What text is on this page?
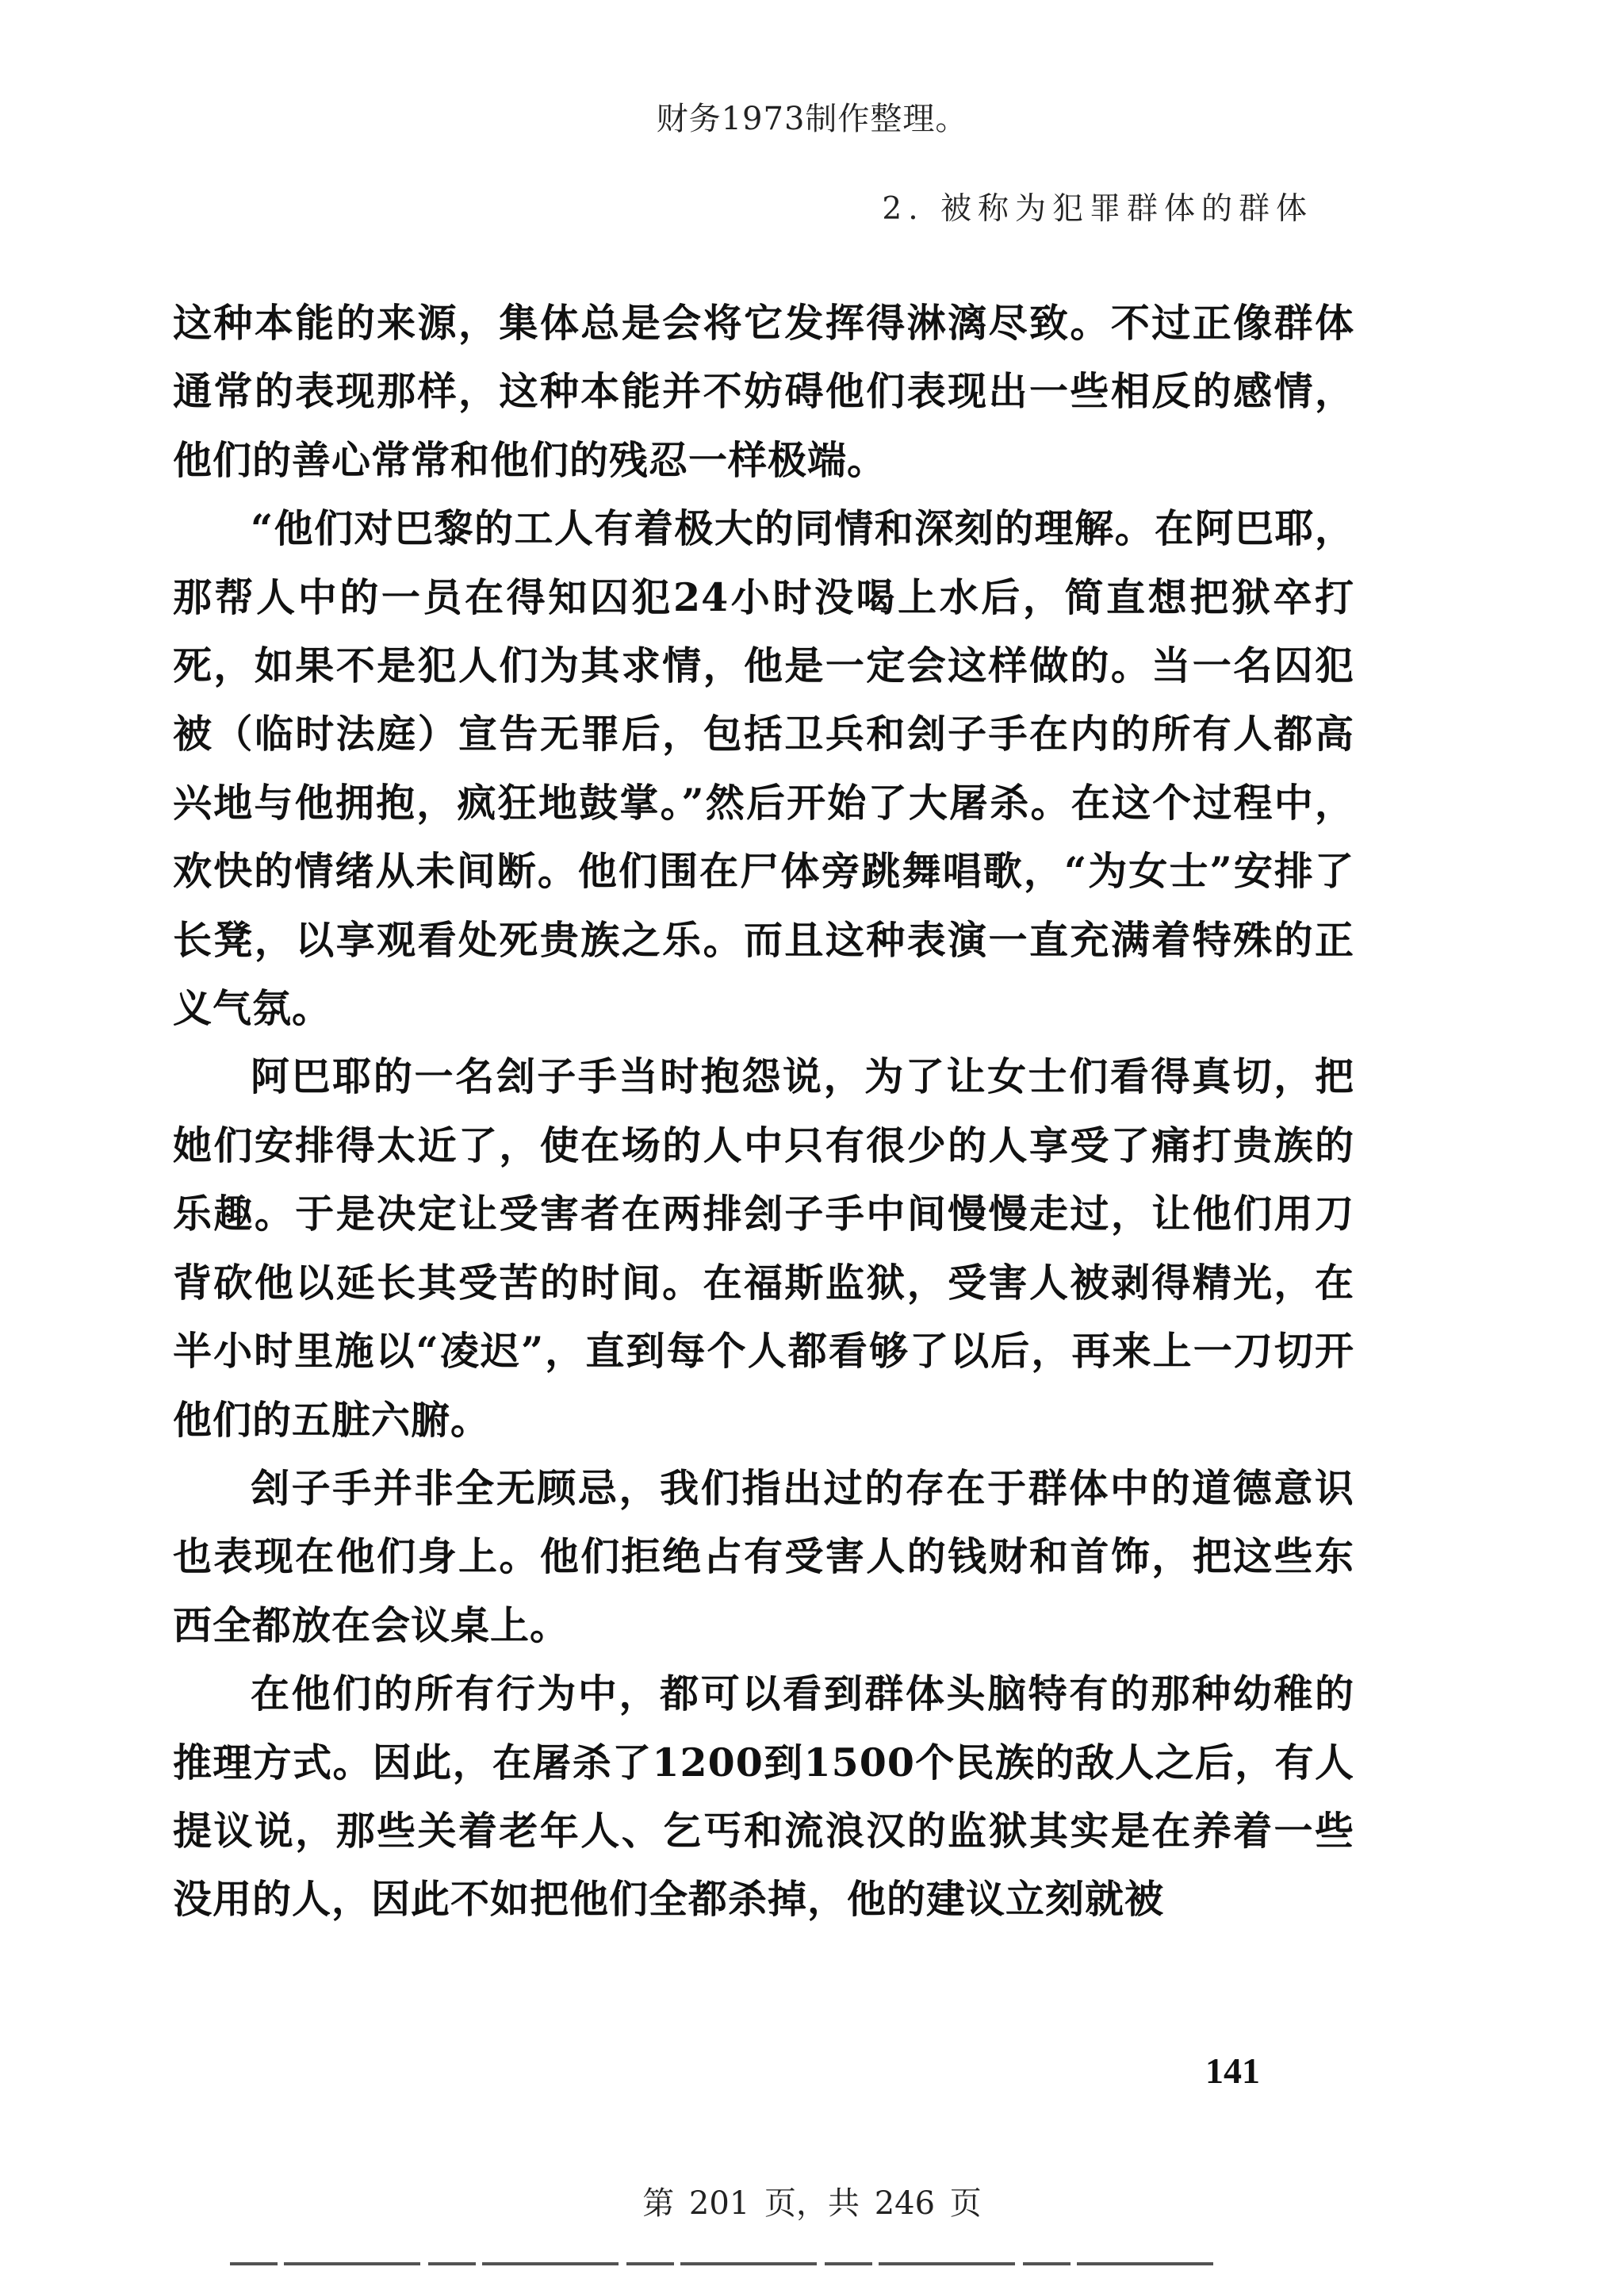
财务1973制作整理。
2. 被称为犯罪群体的群体

这种本能的来源，集体总是会将它发挥得淋漓尽致。不过正像群体通常的表现那样，这种本能并不妨碍他们表现出一些相反的感情，他们的善心常常和他们的残忍一样极端。

“他们对巴黎的工人有着极大的同情和深刻的理解。在阿巴耶，那帮人中的一员在得知囚犯24小时没喝上水后，简直想把狱卒打死，如果不是犯人们为其求情，他是一定会这样做的。当一名囚犯被（临时法庭）宣告无罪后，包括卫兵和刽子手在内的所有人都高兴地与他拥抱，疯狂地鼓掌。”然后开始了大屠杀。在这个过程中，欢快的情绪从未间断。他们围在尸体旁跳舞唱歌，“为女士”安排了长凳，以享观看处死贵族之乐。而且这种表演一直充满着特殊的正义气氛。

阿巴耶的一名刽子手当时抱怨说，为了让女士们看得真切，把她们安排得太近了，使在场的人中只有很少的人享受了痛打贵族的乐趣。于是决定让受害者在两排刽子手中间慢慢走过，让他们用刀背砍他以延长其受苦的时间。在福斯监狱，受害人被剥得精光，在半小时里施以“凌迟”，直到每个人都看够了以后，再来上一刀切开他们的五脏六腑。

刽子手并非全无顾忌，我们指出过的存在于群体中的道德意识也表现在他们身上。他们拒绝占有受害人的钱财和首饰，把这些东西全都放在会议桌上。

在他们的所有行为中，都可以看到群体头脑特有的那种幼稚的推理方式。因此，在屠杀了1200到1500个民族的敌人之后，有人提议说，那些关着老年人、乞丐和流浪汉的监狱其实是在养着一些没用的人，因此不如把他们全都杀掉，他的建议立刻就被

141
第 201 页，共 246 页
